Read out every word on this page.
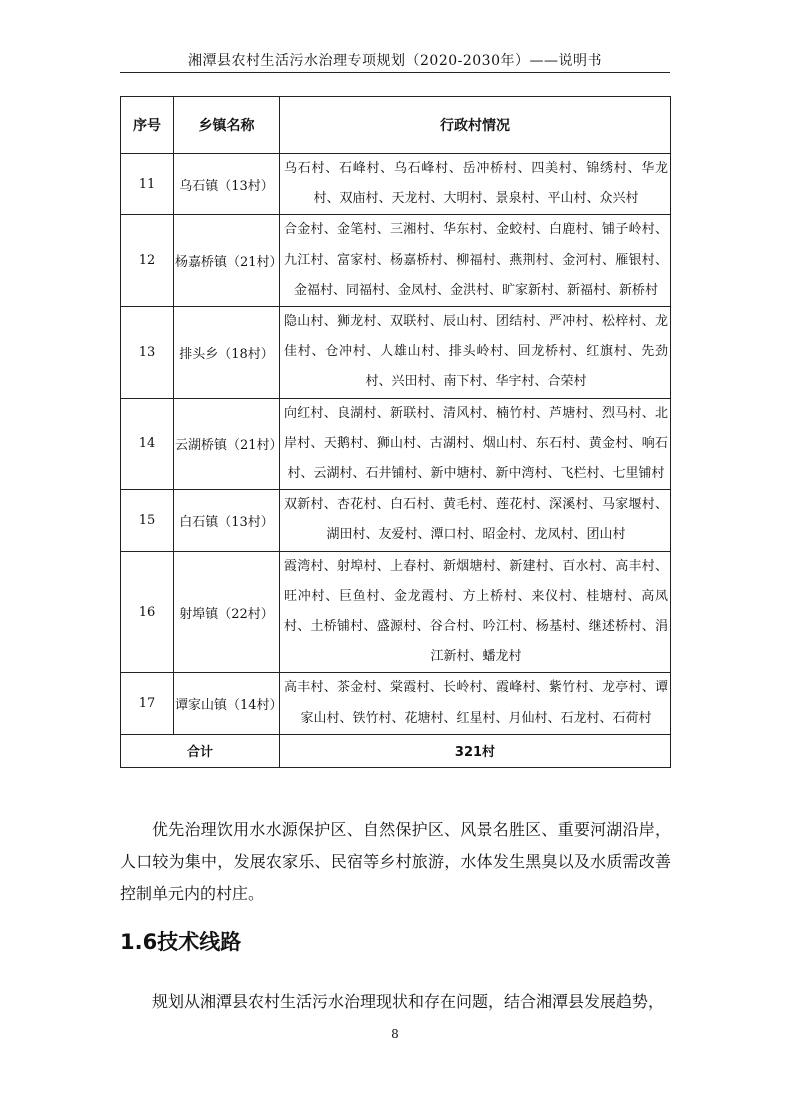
湘潭县农村生活污水治理专项规划（2020-2030年）——说明书
序号	乡镇名称	行政村情况
11	乌石镇（13村）	乌石村、石峰村、乌石峰村、岳冲桥村、四美村、锦绣村、华龙村、双庙村、天龙村、大明村、景泉村、平山村、众兴村
12	杨嘉桥镇（21村）	合金村、金笔村、三湘村、华东村、金蛟村、白鹿村、铺子岭村、九江村、富家村、杨嘉桥村、柳福村、燕荆村、金河村、雁银村、金福村、同福村、金凤村、金洪村、旷家新村、新福村、新桥村
13	排头乡（18村）	隐山村、狮龙村、双联村、辰山村、团结村、严冲村、松梓村、龙佳村、仓冲村、人雄山村、排头岭村、回龙桥村、红旗村、先劲村、兴田村、南下村、华宇村、合荣村
14	云湖桥镇（21村）	向红村、良湖村、新联村、清风村、楠竹村、芦塘村、烈马村、北岸村、天鹅村、狮山村、古湖村、烟山村、东石村、黄金村、响石村、云湖村、石井铺村、新中塘村、新中湾村、飞栏村、七里铺村
15	白石镇（13村）	双新村、杏花村、白石村、黄毛村、莲花村、深溪村、马家堰村、湖田村、友爱村、潭口村、昭金村、龙凤村、团山村
16	射埠镇（22村）	霞湾村、射埠村、上春村、新烟塘村、新建村、百水村、高丰村、旺冲村、巨鱼村、金龙霞村、方上桥村、来仪村、桂塘村、高凤村、土桥铺村、盛源村、谷合村、吟江村、杨基村、继述桥村、涓江新村、蟠龙村
17	谭家山镇（14村）	高丰村、茶金村、棠霞村、长岭村、霞峰村、紫竹村、龙亭村、谭家山村、铁竹村、花塘村、红星村、月仙村、石龙村、石荷村
合计		321村
优先治理饮用水水源保护区、自然保护区、风景名胜区、重要河湖沿岸，人口较为集中，发展农家乐、民宿等乡村旅游，水体发生黑臭以及水质需改善控制单元内的村庄。
1.6技术线路
规划从湘潭县农村生活污水治理现状和存在问题，结合湘潭县发展趋势，
8
